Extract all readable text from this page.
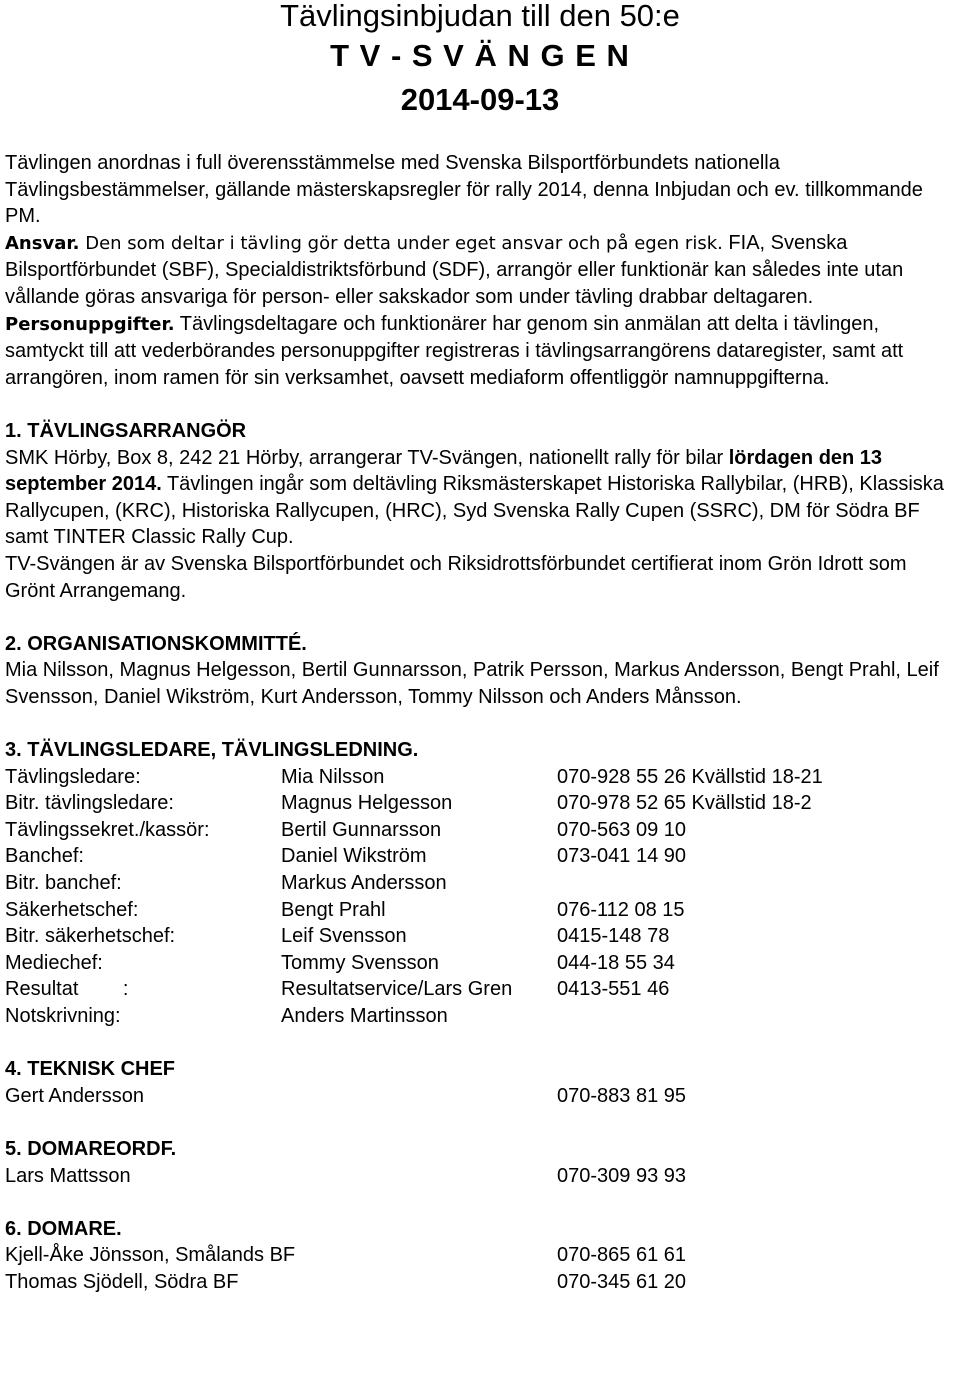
Tävlingsinbjudan till den 50:e
T V - S V Ä N G E N
2014-09-13

Tävlingen anordnas i full överensstämmelse med Svenska Bilsportförbundets nationella Tävlingsbestämmelser, gällande mästerskapsregler för rally 2014, denna Inbjudan och ev. tillkommande PM.

Ansvar. Den som deltar i tävling gör detta under eget ansvar och på egen risk. FIA, Svenska Bilsportförbundet (SBF), Specialdistriktsförbund (SDF), arrangör eller funktionär kan således inte utan vållande göras ansvariga för person- eller sakskador som under tävling drabbar deltagaren.

Personuppgifter. Tävlingsdeltagare och funktionärer har genom sin anmälan att delta i tävlingen, samtyckt till att vederbörandes personuppgifter registreras i tävlingsarrangörens dataregister, samt att arrangören, inom ramen för sin verksamhet, oavsett mediaform offentliggör namnuppgifterna.

1. TÄVLINGSARRANGÖR

SMK Hörby, Box 8, 242 21 Hörby, arrangerar TV-Svängen, nationellt rally för bilar lördagen den 13 september 2014. Tävlingen ingår som deltävling Riksmästerskapet Historiska Rallybilar, (HRB), Klassiska Rallycupen, (KRC), Historiska Rallycupen, (HRC), Syd Svenska Rally Cupen (SSRC), DM för Södra BF samt TINTER Classic Rally Cup.

TV-Svängen är av Svenska Bilsportförbundet och Riksidrottsförbundet certifierat inom Grön Idrott som Grönt Arrangemang.

2. ORGANISATIONSKOMMITTÉ.

Mia Nilsson, Magnus Helgesson, Bertil Gunnarsson, Patrik Persson, Markus Andersson, Bengt Prahl, Leif Svensson, Daniel Wikström, Kurt Andersson, Tommy Nilsson och Anders Månsson.

3. TÄVLINGSLEDARE, TÄVLINGSLEDNING.

Tävlingsledare:	Mia Nilsson	070-928 55 26 Kvällstid 18-21
Bitr. tävlingsledare:	Magnus Helgesson	070-978 52 65 Kvällstid 18-2
Tävlingssekret./kassör:	Bertil Gunnarsson	070-563 09 10
Banchef:	Daniel Wikström	073-041 14 90
Bitr. banchef:	Markus Andersson	
Säkerhetschef:	Bengt Prahl	076-112 08 15
Bitr. säkerhetschef:	Leif Svensson	0415-148 78
Mediechef:	Tommy Svensson	044-18 55 34
Resultat        :	Resultatservice/Lars Gren	0413-551 46
Notskrivning:	Anders Martinsson	

4. TEKNISK CHEF

Gert Andersson	070-883 81 95

5. DOMAREORDF.

Lars Mattsson	070-309 93 93

6. DOMARE.

Kjell-Åke Jönsson, Smålands BF	070-865 61 61
Thomas Sjödell, Södra BF	070-345 61 20
